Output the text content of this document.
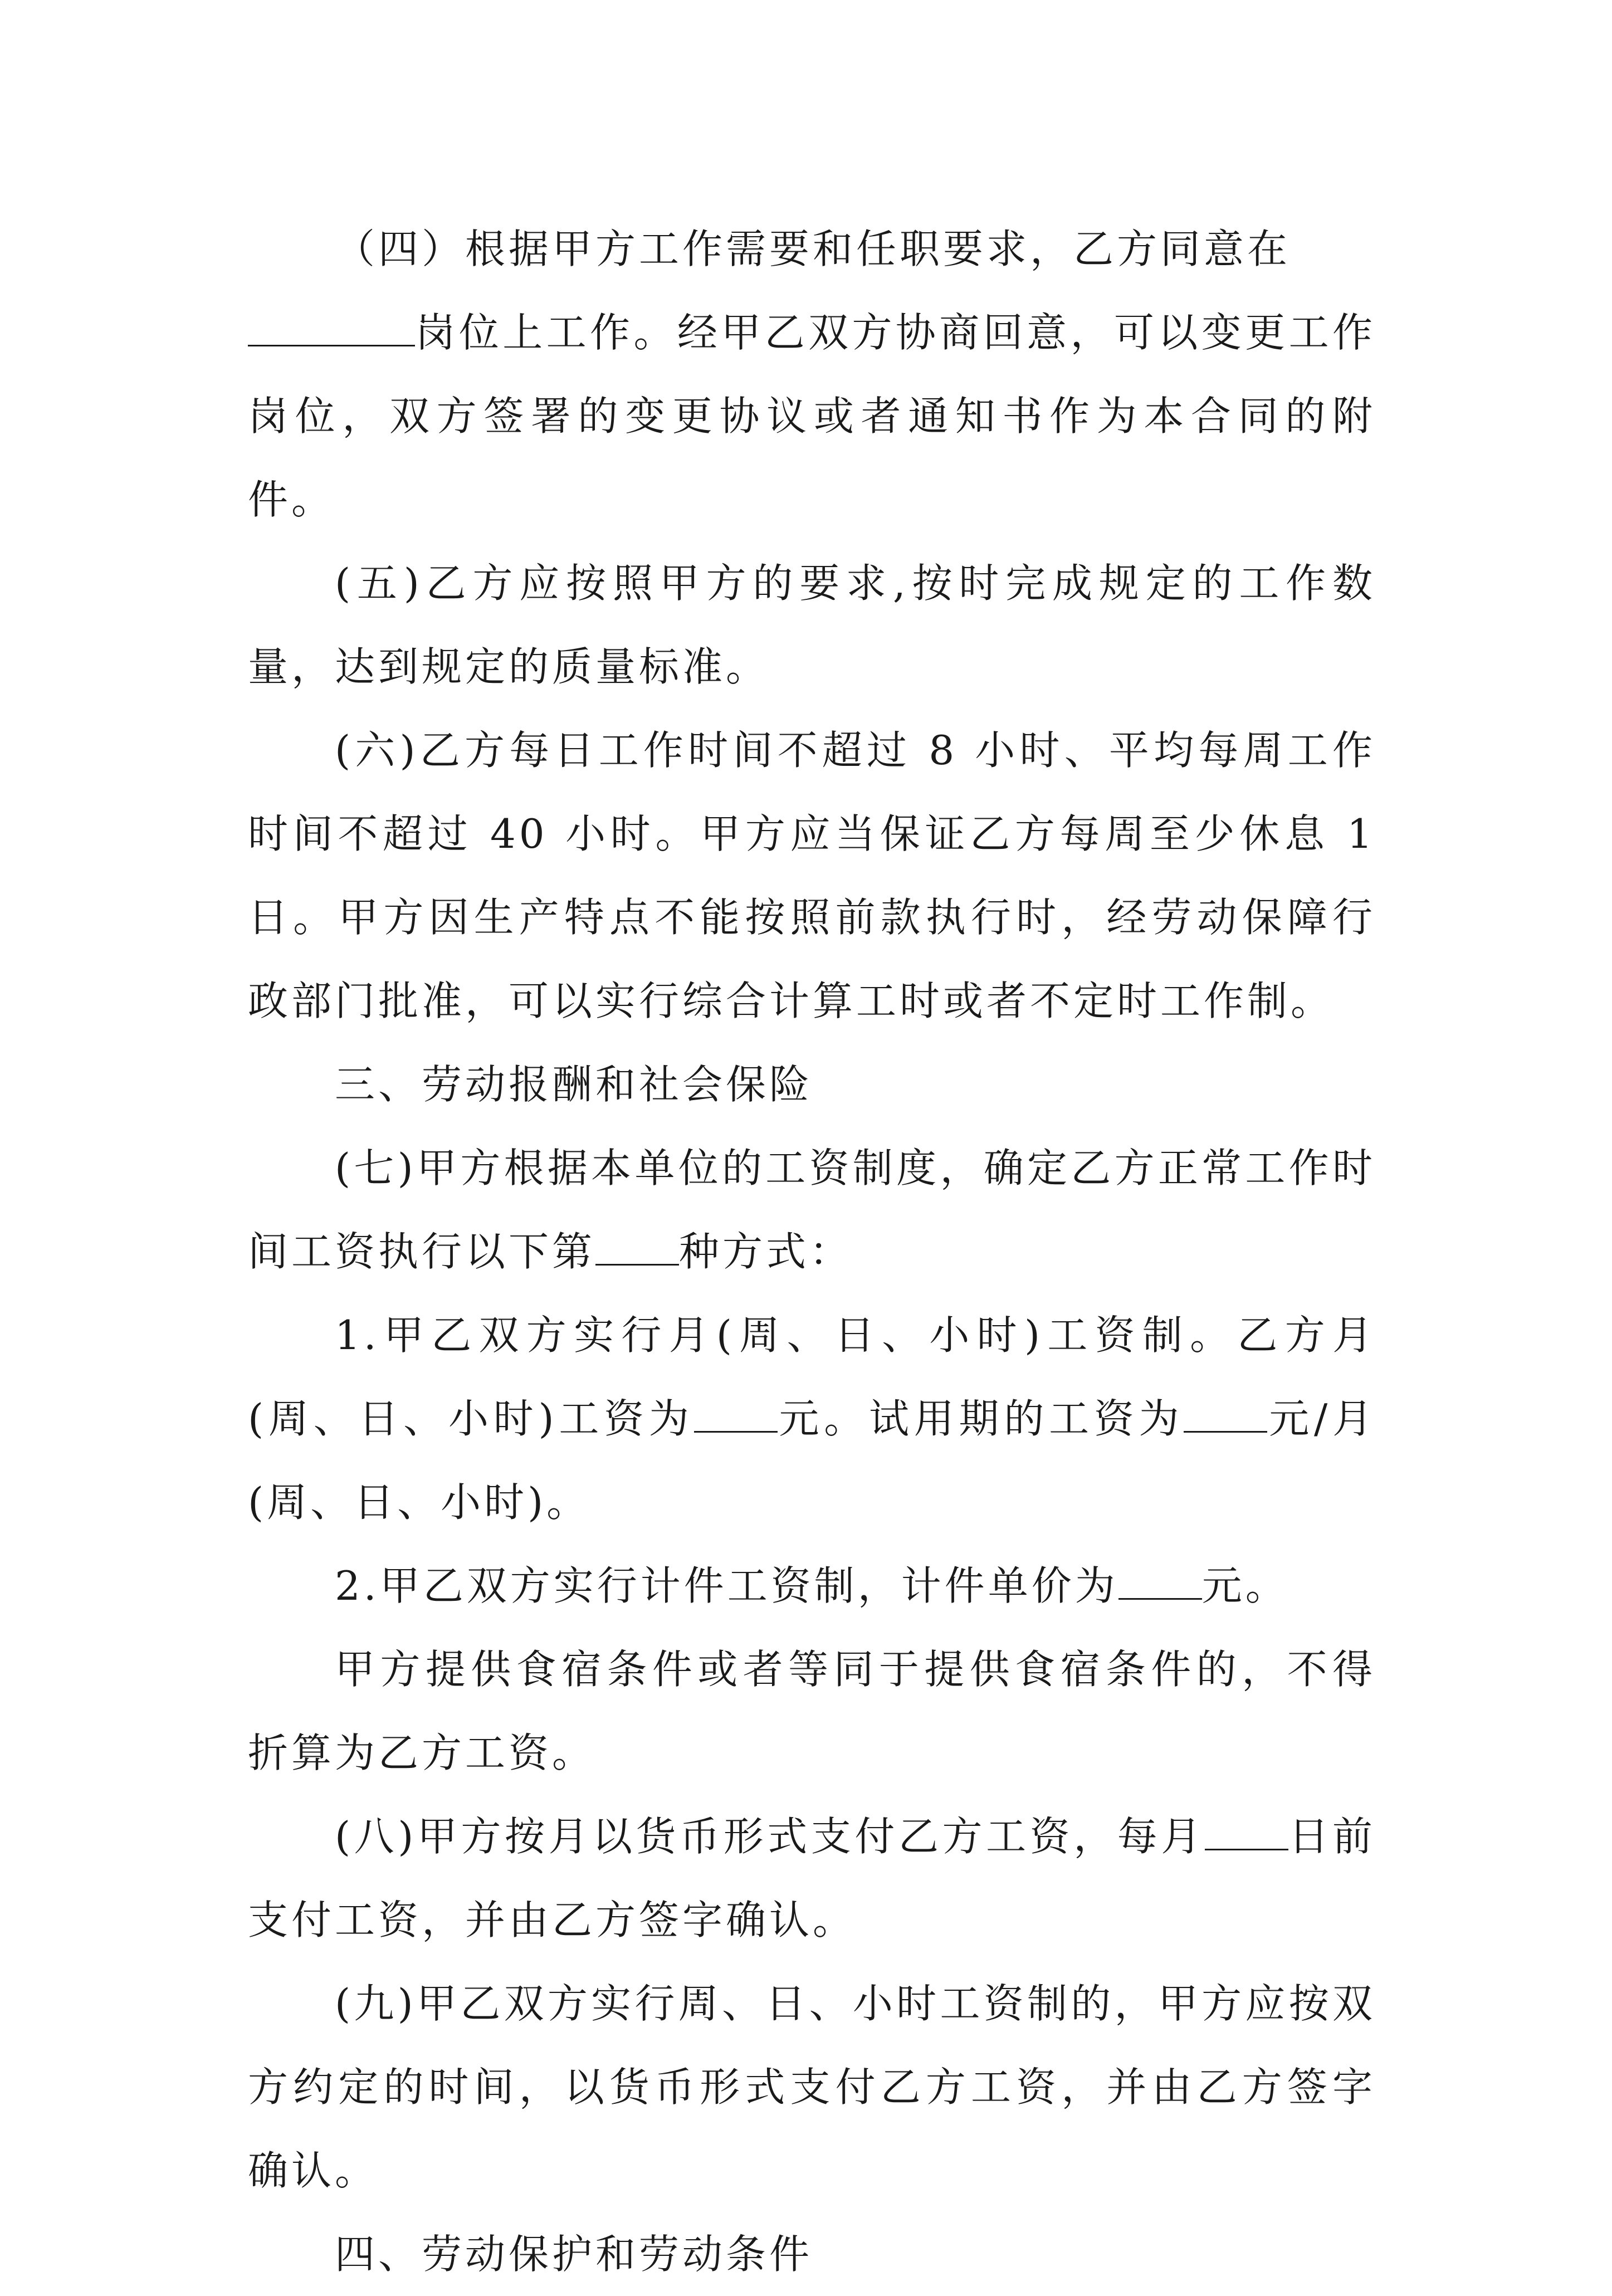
（四）根据甲方工作需要和任职要求，乙方同意在
岗位上工作。经甲乙双方协商回意，可以变更工作岗位，双方签署的变更协议或者通知书作为本合同的附件。

(五)乙方应按照甲方的要求,按时完成规定的工作数量，达到规定的质量标准。

(六)乙方每日工作时间不超过 8 小时、平均每周工作时间不超过 40 小时。甲方应当保证乙方每周至少休息 1 日。甲方因生产特点不能按照前款执行时，经劳动保障行政部门批准，可以实行综合计算工时或者不定时工作制。

三、劳动报酬和社会保险

(七)甲方根据本单位的工资制度，确定乙方正常工作时间工资执行以下第 种方式：

1.甲乙双方实行月(周、日、小时)工资制。乙方月(周、日、小时)工资为 元。试用期的工资为 元/月(周、日、小时)。

2.甲乙双方实行计件工资制，计件单价为 元。

甲方提供食宿条件或者等同于提供食宿条件的，不得折算为乙方工资。

(八)甲方按月以货币形式支付乙方工资，每月 日前支付工资，并由乙方签字确认。

(九)甲乙双方实行周、日、小时工资制的，甲方应按双方约定的时间，以货币形式支付乙方工资，并由乙方签字确认。

四、劳动保护和劳动条件
